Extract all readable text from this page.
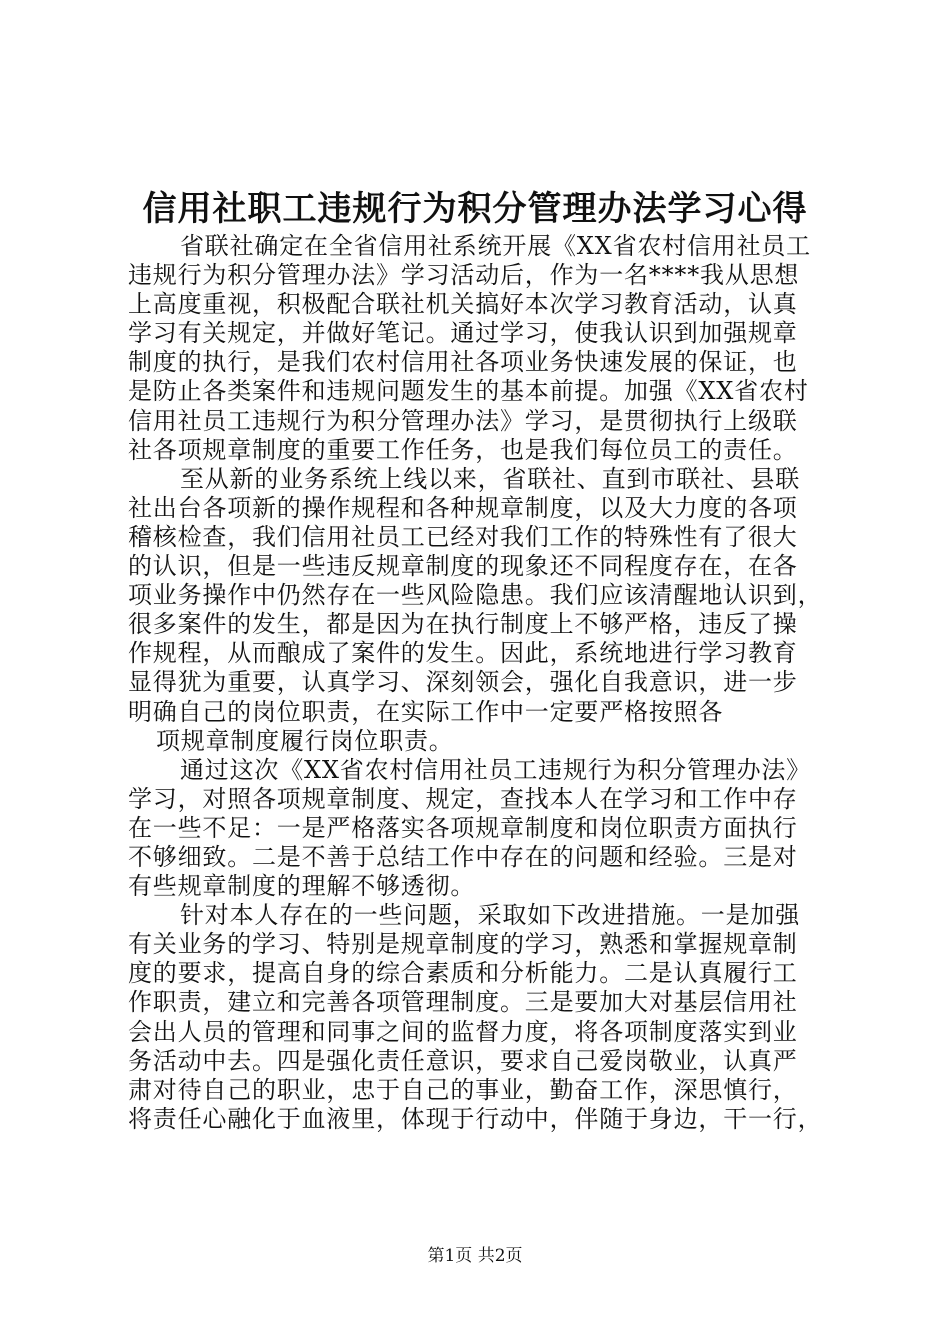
信用社职工违规行为积分管理办法学习心得
省联社确定在全省信用社系统开展《XX省农村信用社员工
违规行为积分管理办法》学习活动后，作为一名****我从思想
上高度重视，积极配合联社机关搞好本次学习教育活动，认真
学习有关规定，并做好笔记。通过学习，使我认识到加强规章
制度的执行，是我们农村信用社各项业务快速发展的保证，也
是防止各类案件和违规问题发生的基本前提。加强《XX省农村
信用社员工违规行为积分管理办法》学习，是贯彻执行上级联
社各项规章制度的重要工作任务，也是我们每位员工的责任。
至从新的业务系统上线以来，省联社、直到市联社、县联
社出台各项新的操作规程和各种规章制度，以及大力度的各项
稽核检查，我们信用社员工已经对我们工作的特殊性有了很大
的认识，但是一些违反规章制度的现象还不同程度存在，在各
项业务操作中仍然存在一些风险隐患。我们应该清醒地认识到，
很多案件的发生，都是因为在执行制度上不够严格，违反了操
作规程，从而酿成了案件的发生。因此，系统地进行学习教育
显得犹为重要，认真学习、深刻领会，强化自我意识，进一步
明确自己的岗位职责，在实际工作中一定要严格按照各
项规章制度履行岗位职责。
通过这次《XX省农村信用社员工违规行为积分管理办法》
学习，对照各项规章制度、规定，查找本人在学习和工作中存
在一些不足：一是严格落实各项规章制度和岗位职责方面执行
不够细致。二是不善于总结工作中存在的问题和经验。三是对
有些规章制度的理解不够透彻。
针对本人存在的一些问题，采取如下改进措施。一是加强
有关业务的学习、特别是规章制度的学习，熟悉和掌握规章制
度的要求，提高自身的综合素质和分析能力。二是认真履行工
作职责，建立和完善各项管理制度。三是要加大对基层信用社
会出人员的管理和同事之间的监督力度，将各项制度落实到业
务活动中去。四是强化责任意识，要求自己爱岗敬业，认真严
肃对待自己的职业，忠于自己的事业，勤奋工作，深思慎行，
将责任心融化于血液里，体现于行动中，伴随于身边，干一行，
第1页 共2页
